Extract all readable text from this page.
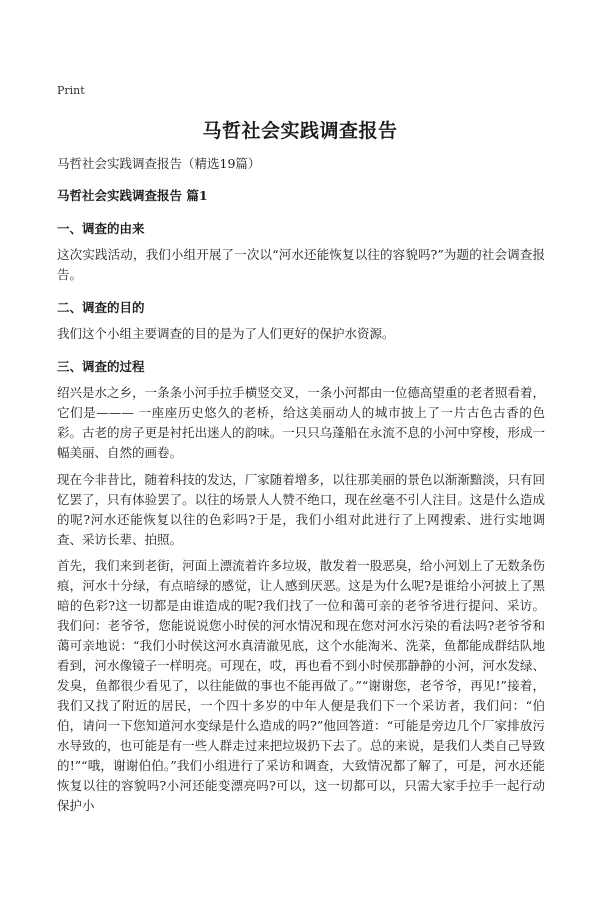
Print
马哲社会实践调查报告
马哲社会实践调查报告（精选19篇）
马哲社会实践调查报告 篇1
一、调查的由来

这次实践活动，我们小组开展了一次以“河水还能恢复以往的容貌吗?”为题的社会调查报告。

二、调查的目的

我们这个小组主要调查的目的是为了人们更好的保护水资源。

三、调查的过程

绍兴是水之乡，一条条小河手拉手横竖交叉，一条小河都由一位德高望重的老者照看着，它们是——— 一座座历史悠久的老桥，给这美丽动人的城市披上了一片古色古香的色彩。古老的房子更是衬托出迷人的韵味。一只只乌蓬船在永流不息的小河中穿梭，形成一幅美丽、自然的画卷。

现在今非昔比，随着科技的发达，厂家随着增多，以往那美丽的景色以渐渐黯淡，只有回忆罢了，只有体验罢了。以往的场景人人赞不绝口，现在丝毫不引人注目。这是什么造成的呢?河水还能恢复以往的色彩吗?于是，我们小组对此进行了上网搜索、进行实地调查、采访长辈、拍照。

首先，我们来到老街，河面上漂流着许多垃圾，散发着一股恶臭，给小河划上了无数条伤痕，河水十分绿，有点暗绿的感觉，让人感到厌恶。这是为什么呢?是谁给小河披上了黑暗的色彩?这一切都是由谁造成的呢?我们找了一位和蔼可亲的老爷爷进行提问、采访。我们问：老爷爷，您能说说您小时侯的河水情况和现在您对河水污染的看法吗?老爷爷和蔼可亲地说：“我们小时侯这河水真清澈见底，这个水能淘米、洗菜，鱼都能成群结队地看到，河水像镜子一样明亮。可现在，哎，再也看不到小时侯那静静的小河，河水发绿、发臭，鱼都很少看见了，以往能做的事也不能再做了。”“谢谢您，老爷爷，再见!”接着，我们又找了附近的居民，一个四十多岁的中年人便是我们下一个采访者，我们问：“伯伯，请问一下您知道河水变绿是什么造成的吗?”他回答道：“可能是旁边几个厂家排放污水导致的，也可能是有一些人群走过来把垃圾扔下去了。总的来说，是我们人类自己导致的!”“哦，谢谢伯伯。”我们小组进行了采访和调查，大致情况都了解了，可是，河水还能恢复以往的容貌吗?小河还能变漂亮吗?可以，这一切都可以，只需大家手拉手一起行动保护小
